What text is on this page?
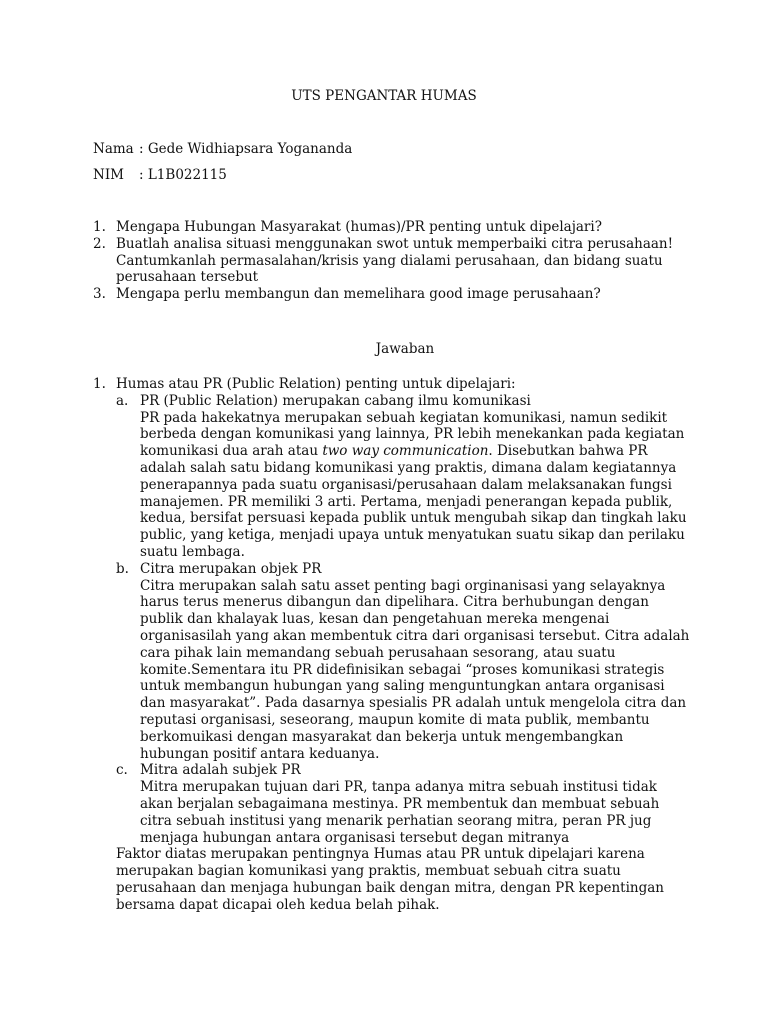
UTS PENGANTAR HUMAS
Nama : Gede Widhiapsara Yogananda
NIM : L1B022115
1. Mengapa Hubungan Masyarakat (humas)/PR penting untuk dipelajari?
2. Buatlah analisa situasi menggunakan swot untuk memperbaiki citra perusahaan! Cantumkanlah permasalahan/krisis yang dialami perusahaan, dan bidang suatu perusahaan tersebut
3. Mengapa perlu membangun dan memelihara good image perusahaan?
Jawaban
1. Humas atau PR (Public Relation) penting untuk dipelajari:

a. PR (Public Relation) merupakan cabang ilmu komunikasi

PR pada hakekatnya merupakan sebuah kegiatan komunikasi, namun sedikit berbeda dengan komunikasi yang lainnya, PR lebih menekankan pada kegiatan komunikasi dua arah atau two way communication. Disebutkan bahwa PR adalah salah satu bidang komunikasi yang praktis, dimana dalam kegiatannya penerapannya pada suatu organisasi/perusahaan dalam melaksanakan fungsi manajemen. PR memiliki 3 arti. Pertama, menjadi penerangan kepada publik, kedua, bersifat persuasi kepada publik untuk mengubah sikap dan tingkah laku public, yang ketiga, menjadi upaya untuk menyatukan suatu sikap dan perilaku suatu lembaga.

b. Citra merupakan objek PR

Citra merupakan salah satu asset penting bagi orginanisasi yang selayaknya harus terus menerus dibangun dan dipelihara. Citra berhubungan dengan publik dan khalayak luas, kesan dan pengetahuan mereka mengenai organisasilah yang akan membentuk citra dari organisasi tersebut. Citra adalah cara pihak lain memandang sebuah perusahaan sesorang, atau suatu komite.Sementara itu PR didefinisikan sebagai “proses komunikasi strategis untuk membangun hubungan yang saling menguntungkan antara organisasi dan masyarakat”. Pada dasarnya spesialis PR adalah untuk mengelola citra dan reputasi organisasi, seseorang, maupun komite di mata publik, membantu berkomuikasi dengan masyarakat dan bekerja untuk mengembangkan hubungan positif antara keduanya.

c. Mitra adalah subjek PR

Mitra merupakan tujuan dari PR, tanpa adanya mitra sebuah institusi tidak akan berjalan sebagaimana mestinya. PR membentuk dan membuat sebuah citra sebuah institusi yang menarik perhatian seorang mitra, peran PR jug menjaga hubungan antara organisasi tersebut degan mitranya

Faktor diatas merupakan pentingnya Humas atau PR untuk dipelajari karena merupakan bagian komunikasi yang praktis, membuat sebuah citra suatu perusahaan dan menjaga hubungan baik dengan mitra, dengan PR kepentingan bersama dapat dicapai oleh kedua belah pihak.
